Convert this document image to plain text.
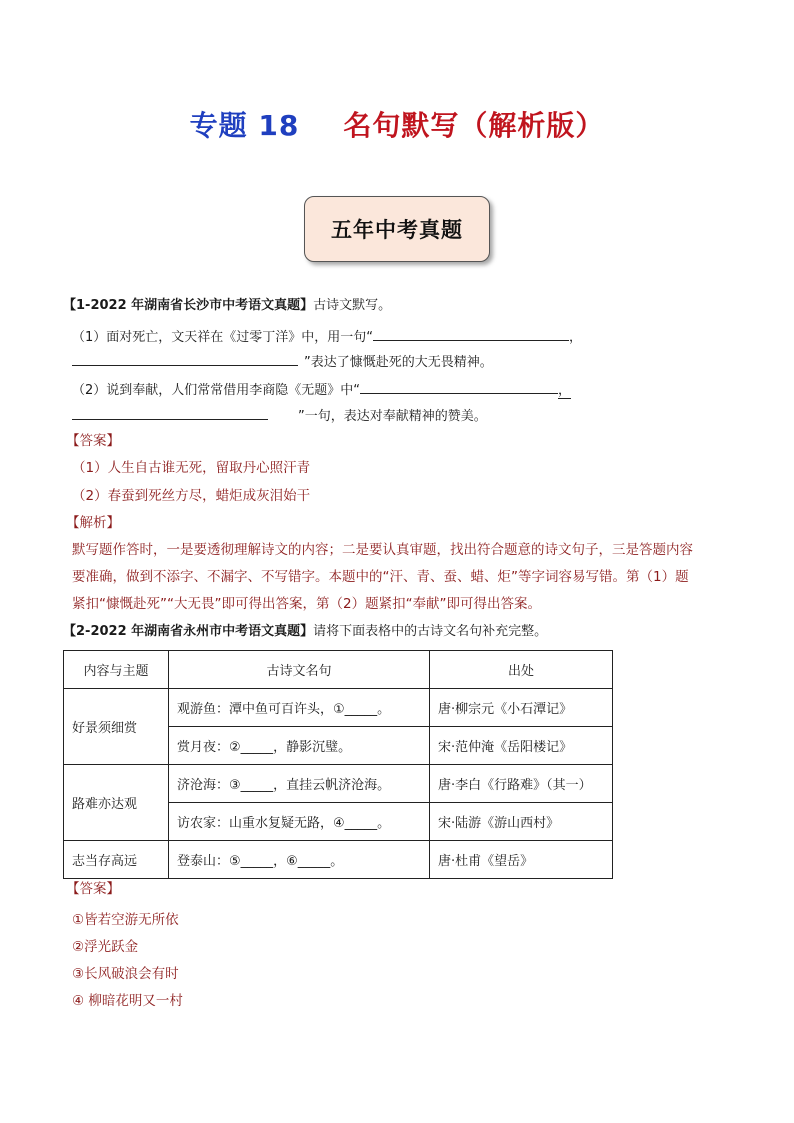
专题 18 名句默写（解析版）
五年中考真题
【1-2022 年湖南省长沙市中考语文真题】古诗文默写。
（1）面对死亡，文天祥在《过零丁洋》中，用一句“	，
”表达了慷慨赴死的大无畏精神。
（2）说到奉献，人们常常借用李商隐《无题》中“	，
”一句，表达对奉献精神的赞美。
【答案】
（1）人生自古谁无死，留取丹心照汗青
（2）春蚕到死丝方尽，蜡炬成灰泪始干
【解析】
默写题作答时，一是要透彻理解诗文的内容；二是要认真审题，找出符合题意的诗文句子，三是答题内容
要准确，做到不添字、不漏字、不写错字。本题中的“汗、青、蚕、蜡、炬”等字词容易写错。第（1）题
紧扣“慷慨赴死”“大无畏”即可得出答案，第（2）题紧扣“奉献”即可得出答案。
【2-2022 年湖南省永州市中考语文真题】请将下面表格中的古诗文名句补充完整。
内容与主题	古诗文名句	出处
好景须细赏	观游鱼：潭中鱼可百许头，①_____。	唐·柳宗元《小石潭记》
	赏月夜：②_____，静影沉璧。	宋·范仲淹《岳阳楼记》
路难亦达观	济沧海：③_____，直挂云帆济沧海。	唐·李白《行路难》（其一）
	访农家：山重水复疑无路，④_____。	宋·陆游《游山西村》
志当存高远	登泰山：⑤_____，⑥_____。	唐·杜甫《望岳》
【答案】
①皆若空游无所依
②浮光跃金
③长风破浪会有时
④ 柳暗花明又一村
